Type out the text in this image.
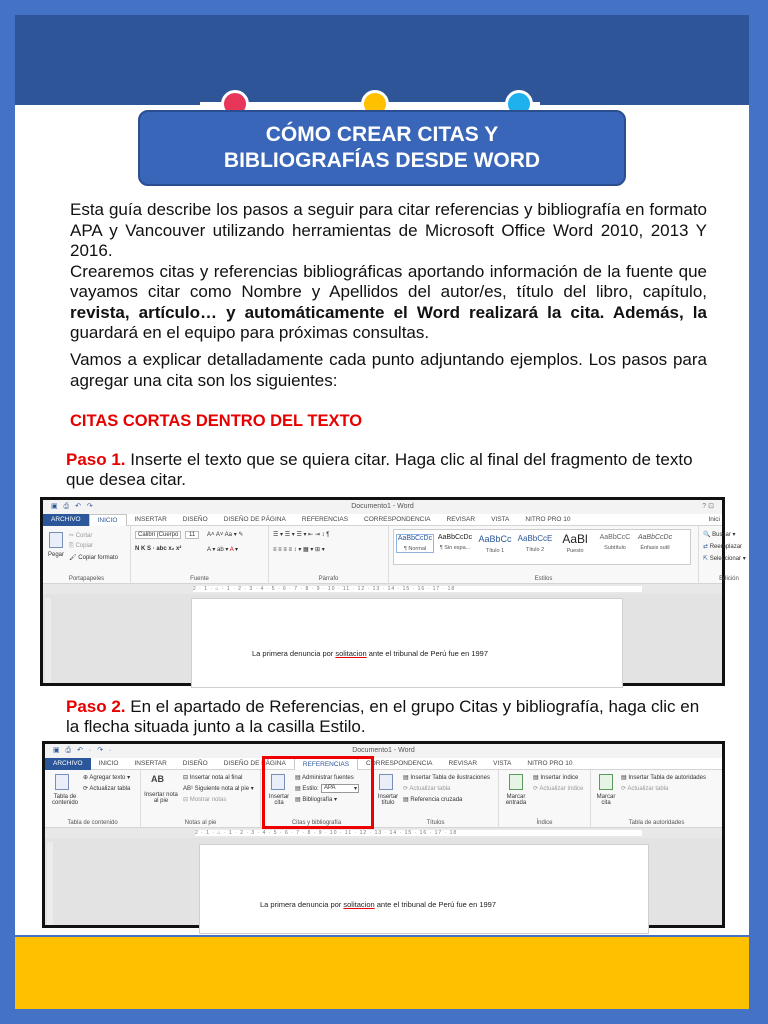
CÓMO CREAR CITAS Y
BIBLIOGRAFÍAS DESDE WORD
Esta guía describe los pasos a seguir para citar referencias y bibliografía en formato APA y Vancouver utilizando herramientas de Microsoft Office Word 2010, 2013 Y 2016.
Crearemos citas y referencias bibliográficas aportando información de la fuente que vayamos citar como Nombre y Apellidos del autor/es, título del libro, capítulo, revista, artículo… y automáticamente el Word realizará la cita. Además, la guardará en el equipo para próximas consultas.
Vamos a explicar detalladamente cada punto adjuntando ejemplos. Los pasos para agregar una cita son los siguientes:
CITAS CORTAS DENTRO DEL TEXTO
Paso 1. Inserte el texto que se quiera citar. Haga clic al final del fragmento de texto que desea citar.
▣ ⎙ ↶ ↷	Documento1 - Word	? ⊡
ARCHIVO	INICIO	INSERTAR	DISEÑO	DISEÑO DE PÁGINA	REFERENCIAS	CORRESPONDENCIA	REVISAR	VISTA	NITRO PRO 10	Inici
Pegar
✂ Cortar
⎘ Copiar
🖌 Copiar formato
Portapapeles
Calibri (Cuerpo	11	A˄ A˅ Aa ▾ ✎
N K S · abc x₂ x²	A ▾ ab ▾ A ▾
Fuente
☰ ▾ ☰ ▾ ☰ ▾ ⇤ ⇥ ↕ ¶
≡ ≡ ≡ ≡ ↕ ▾ ▦ ▾ ⊞ ▾
Párrafo
AaBbCcDc
¶ Normal
AaBbCcDc
¶ Sin espa...
AaBbCc
Título 1
AaBbCcE
Título 2
AaBl
Puesto
AaBbCcC
Subtítulo
AaBbCcDc
Énfasis sutil
Estilos
🔍 Buscar ▾
⇄ Reemplazar
⇱ Seleccionar ▾
Edición
2 · 1 · ⌂ · 1 · 2 · 3 · 4 · 5 · 6 · 7 · 8 · 9 · 10 · 11 · 12 · 13 · 14 · 15 · 16 · 17 · 18
La primera denuncia por solitacion ante el tribunal de Perú fue en 1997
Paso 2. En el apartado de Referencias, en el grupo Citas y bibliografía, haga clic en la flecha situada junto a la casilla Estilo.
▣ ⎙ ↶ · ↷ ·	Documento1 - Word
ARCHIVO	INICIO	INSERTAR	DISEÑO	DISEÑO DE PÁGINA	REFERENCIAS	CORRESPONDENCIA	REVISAR	VISTA	NITRO PRO 10
Tabla de contenido
⊕ Agregar texto ▾
⟳ Actualizar tabla
Tabla de contenido
AB
Insertar nota al pie
⊟ Insertar nota al final
AB¹ Siguiente nota al pie ▾
⊟ Mostrar notas
Notas al pie
Insertar cita
▤ Administrar fuentes
▤ Estilo: APA	▾
▤ Bibliografía ▾
Citas y bibliografía
Insertar título
▤ Insertar Tabla de ilustraciones
⟳ Actualizar tabla
▤ Referencia cruzada
Títulos
Marcar entrada
▤ Insertar índice
⟳ Actualizar índice
Índice
Marcar cita
▤ Insertar Tabla de autoridades
⟳ Actualizar tabla
Tabla de autoridades
2 · 1 · ⌂ · 1 · 2 · 3 · 4 · 5 · 6 · 7 · 8 · 9 · 10 · 11 · 12 · 13 · 14 · 15 · 16 · 17 · 18
La primera denuncia por solitacion ante el tribunal de Perú fue en 1997
